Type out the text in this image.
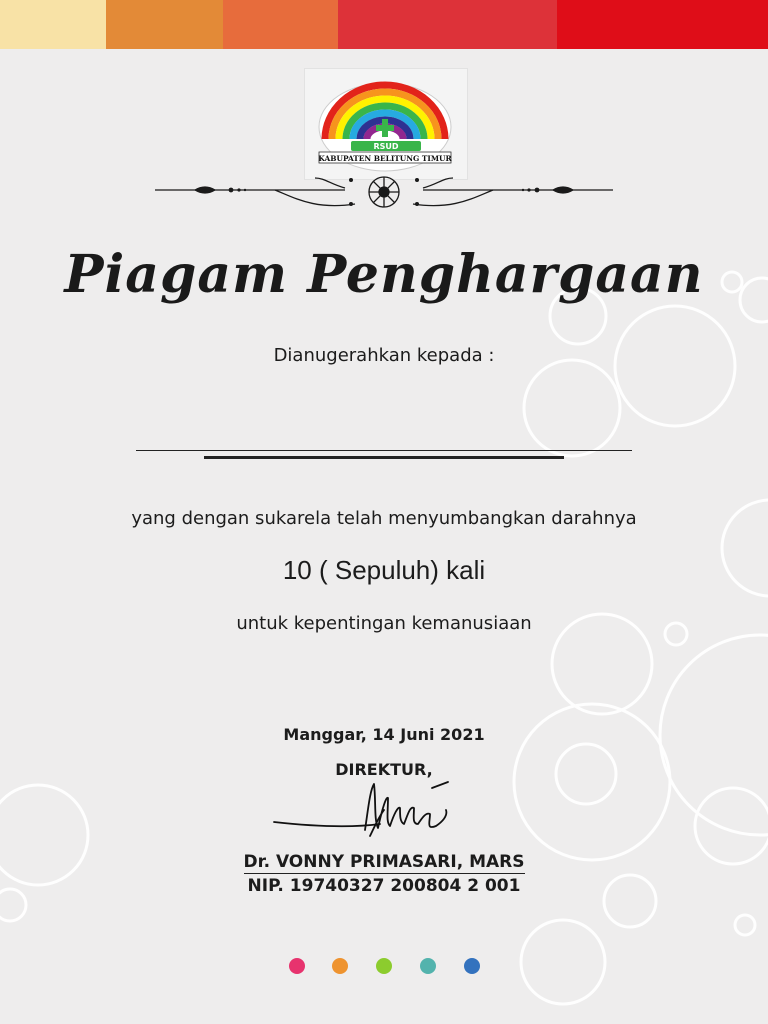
RSUD
KABUPATEN BELITUNG TIMUR
Piagam Penghargaan
Dianugerahkan kepada :
yang dengan sukarela telah menyumbangkan darahnya
10 ( Sepuluh) kali
untuk kepentingan kemanusiaan
Manggar, 14 Juni 2021
DIREKTUR,
Dr. VONNY PRIMASARI, MARS
NIP. 19740327 200804 2 001
